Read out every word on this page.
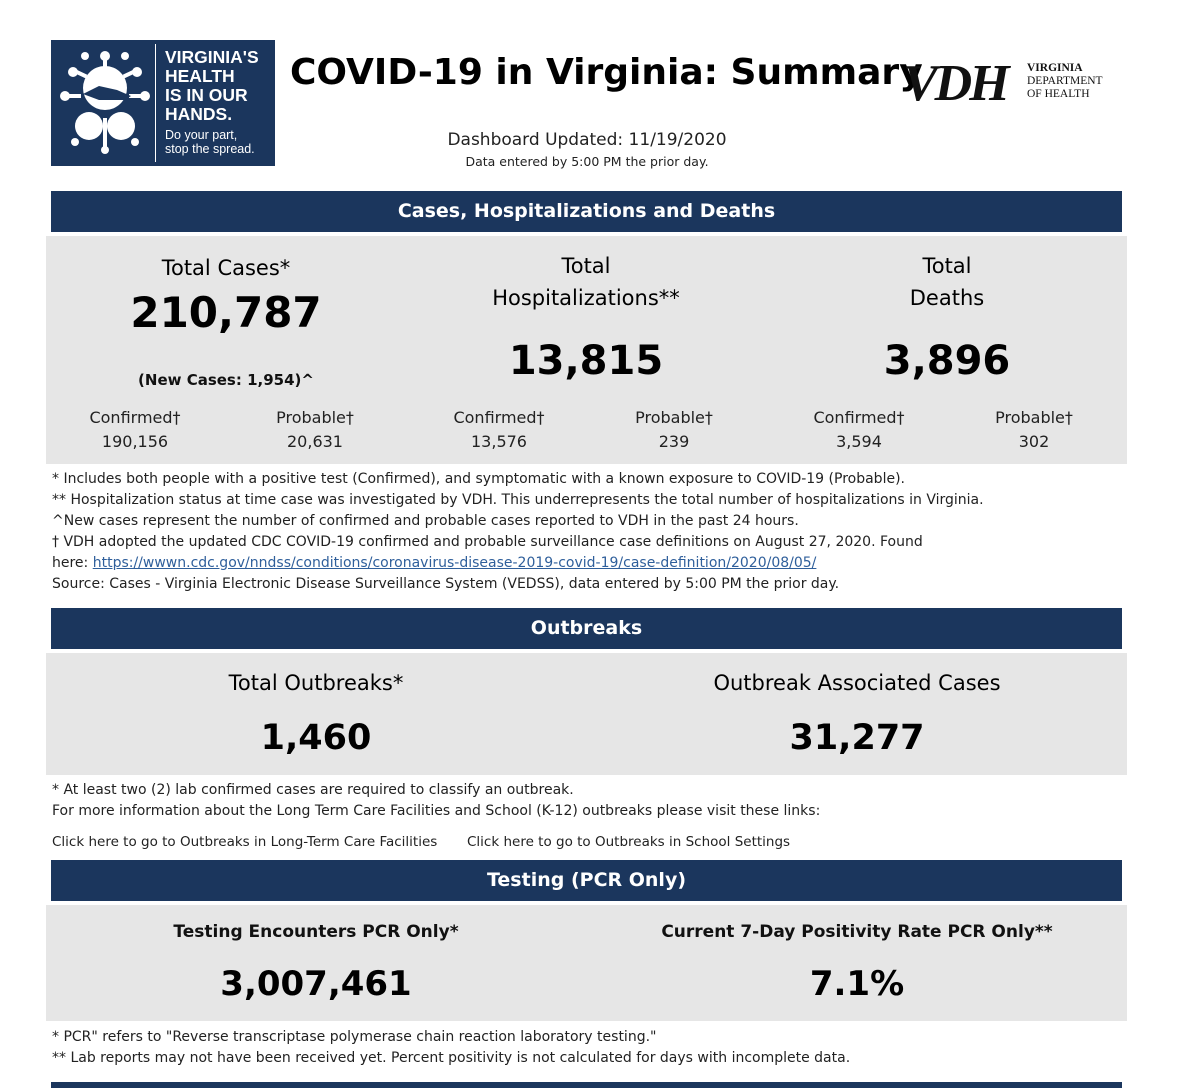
VIRGINIA'S
HEALTH
IS IN OUR
HANDS.
Do your part,
stop the spread.
COVID-19 in Virginia: Summary
VDH VIRGINIA
DEPARTMENT
OF HEALTH
Dashboard Updated: 11/19/2020
Data entered by 5:00 PM the prior day.
Cases, Hospitalizations and Deaths
Total Cases*
210,787
(New Cases: 1,954)^
Confirmed†
190,156
Probable†
20,631
Total
Hospitalizations**
13,815
Confirmed†
13,576
Probable†
239
Total
Deaths
3,896
Confirmed†
3,594
Probable†
302
* Includes both people with a positive test (Confirmed), and symptomatic with a known exposure to COVID-19 (Probable).
** Hospitalization status at time case was investigated by VDH. This underrepresents the total number of hospitalizations in Virginia.
^New cases represent the number of confirmed and probable cases reported to VDH in the past 24 hours.
† VDH adopted the updated CDC COVID-19 confirmed and probable surveillance case definitions on August 27, 2020. Found
here: https://wwwn.cdc.gov/nndss/conditions/coronavirus-disease-2019-covid-19/case-definition/2020/08/05/
Source: Cases - Virginia Electronic Disease Surveillance System (VEDSS), data entered by 5:00 PM the prior day.
Outbreaks
Total Outbreaks*
1,460
Outbreak Associated Cases
31,277
* At least two (2) lab confirmed cases are required to classify an outbreak.
For more information about the Long Term Care Facilities and School (K-12) outbreaks please visit these links:
Click here to go to Outbreaks in Long-Term Care Facilities Click here to go to Outbreaks in School Settings
Testing (PCR Only)
Testing Encounters PCR Only*
3,007,461
Current 7-Day Positivity Rate PCR Only**
7.1%
* PCR" refers to "Reverse transcriptase polymerase chain reaction laboratory testing."
** Lab reports may not have been received yet. Percent positivity is not calculated for days with incomplete data.
